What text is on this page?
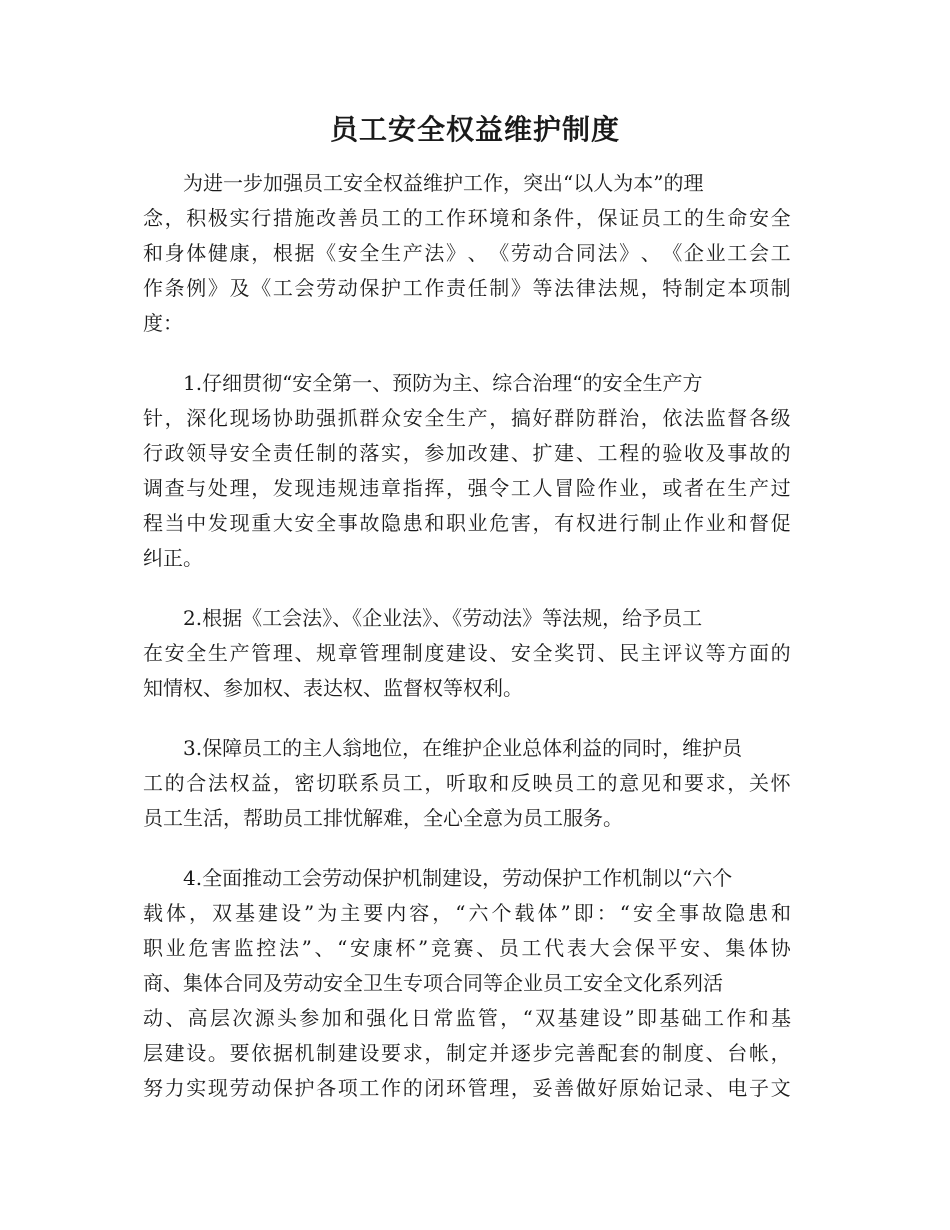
员工安全权益维护制度
为进一步加强员工安全权益维护工作，突出“以人为本”的理
念 ， 积 极 实 行 措 施 改 善 员 工 的 工 作 环 境 和 条 件 ， 保 证 员 工 的 生 命 安 全
和 身 体 健 康 ， 根 据 《 安 全 生 产 法 》 、 《 劳 动 合 同 法 》 、 《 企 业 工 会 工
作 条 例 》 及 《 工 会 劳 动 保 护 工 作 责 任 制 》 等 法 律 法 规 ， 特 制 定 本 项 制
度：
1.仔细贯彻“安全第一、预防为主、综合治理“的安全生产方
针 ， 深 化 现 场 协 助 强 抓 群 众 安 全 生 产 ， 搞 好 群 防 群 治 ， 依 法 监 督 各 级
行 政 领 导 安 全 责 任 制 的 落 实 ， 参 加 改 建 、 扩 建 、 工 程 的 验 收 及 事 故 的
调 查 与 处 理 ， 发 现 违 规 违 章 指 挥 ， 强 令 工 人 冒 险 作 业 ， 或 者 在 生 产 过
程 当 中 发 现 重 大 安 全 事 故 隐 患 和 职 业 危 害 ， 有 权 进 行 制 止 作 业 和 督 促
纠正。
2.根据《工会法》、《企业法》、《劳动法》等法规，给予员工
在 安 全 生 产 管 理 、 规 章 管 理 制 度 建 设 、 安 全 奖 罚 、 民 主 评 议 等 方 面 的
知情权、参加权、表达权、监督权等权利。
3.保障员工的主人翁地位，在维护企业总体利益的同时，维护员
工 的 合 法 权 益 ， 密 切 联 系 员 工 ， 听 取 和 反 映 员 工 的 意 见 和 要 求 ， 关 怀
员工生活，帮助员工排忧解难，全心全意为员工服务。
4.全面推动工会劳动保护机制建设，劳动保护工作机制以“六个
载 体 ， 双 基 建 设 ” 为 主 要 内 容 ， “ 六 个 载 体 ” 即 ： “ 安 全 事 故 隐 患 和
职 业 危 害 监 控 法 ” 、 “ 安 康 杯 ” 竞 赛 、 员 工 代 表 大 会 保 平 安 、 集 体 协
商、集体合同及劳动安全卫生专项合同等企业员工安全文化系列活
动 、 高 层 次 源 头 参 加 和 强 化 日 常 监 管 ， “ 双 基 建 设 ” 即 基 础 工 作 和 基
层 建 设 。 要 依 据 机 制 建 设 要 求 ， 制 定 并 逐 步 完 善 配 套 的 制 度 、 台 帐 ，
努 力 实 现 劳 动 保 护 各 项 工 作 的 闭 环 管 理 ， 妥 善 做 好 原 始 记 录 、 电 子 文
